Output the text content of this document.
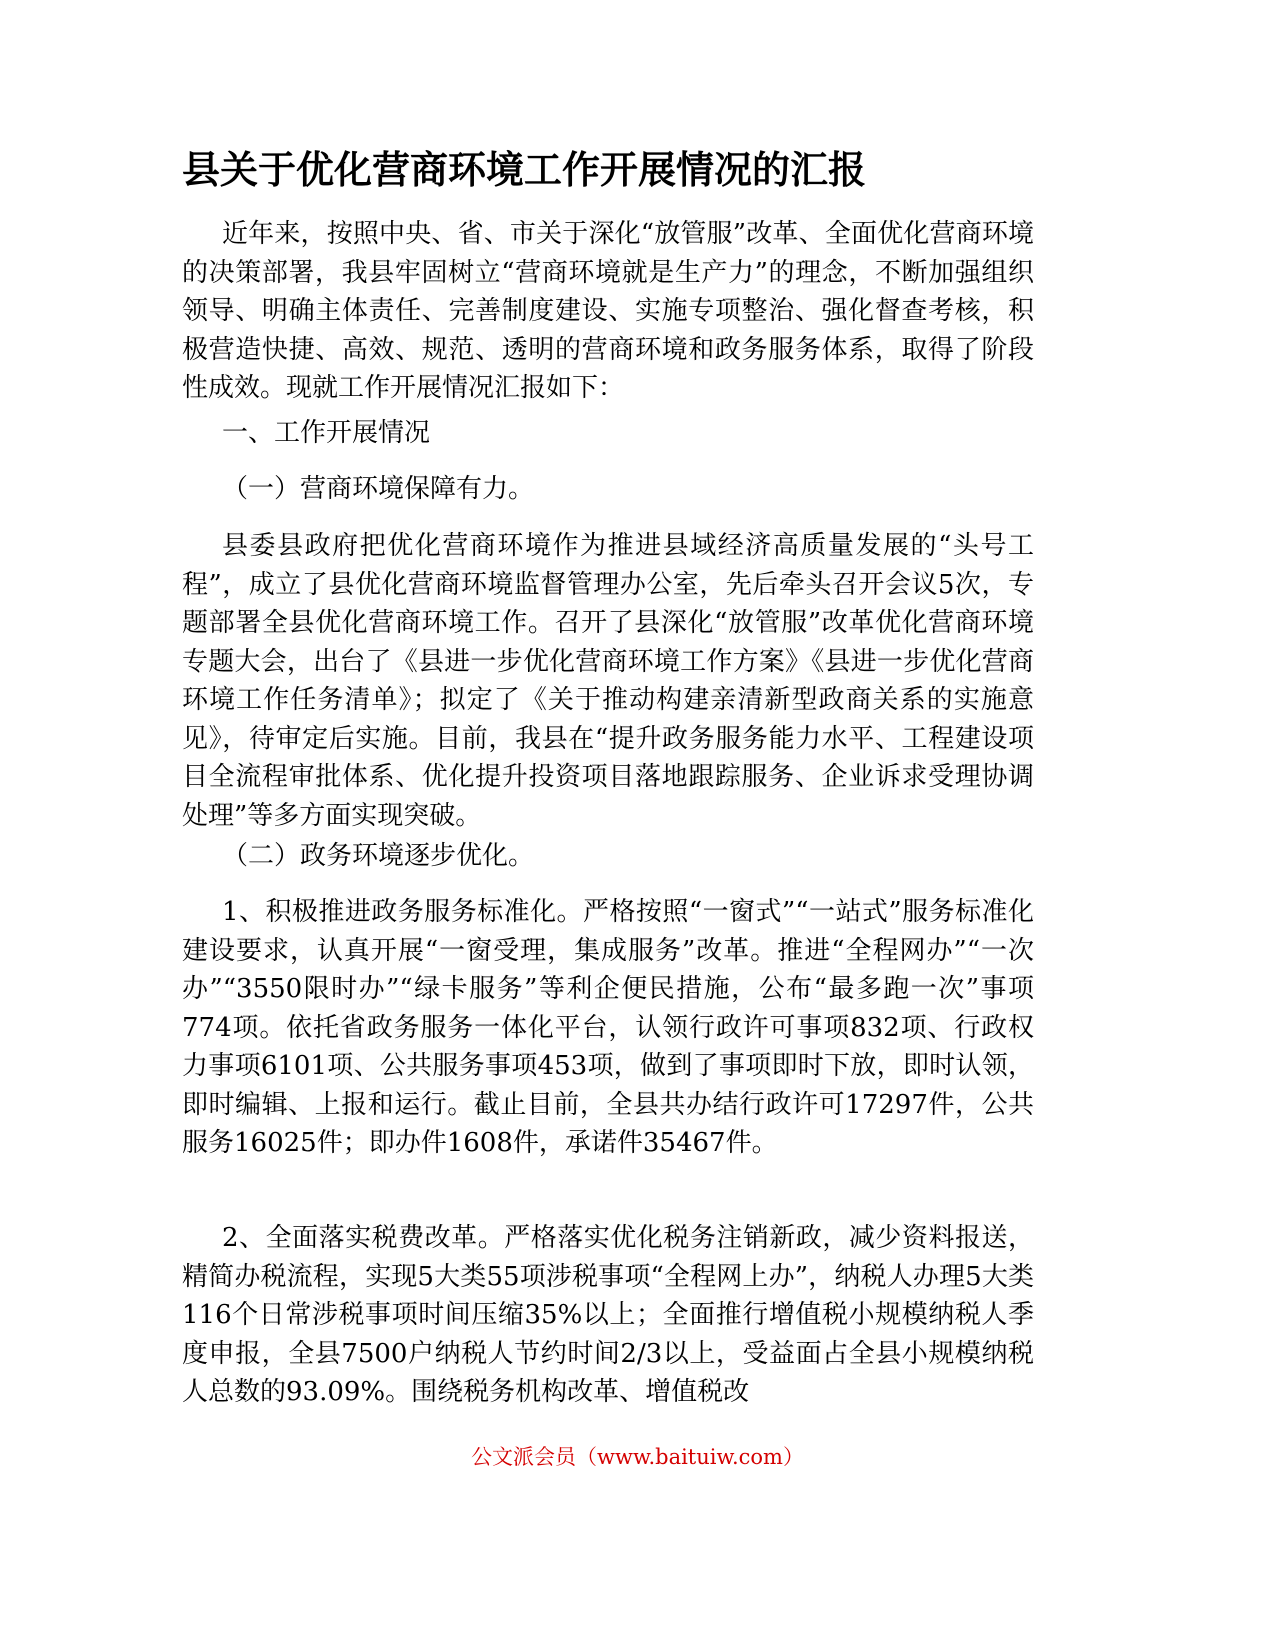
县关于优化营商环境工作开展情况的汇报

近年来，按照中央、省、市关于深化“放管服”改革、全面优化营商环境的决策部署，我县牢固树立“营商环境就是生产力”的理念，不断加强组织领导、明确主体责任、完善制度建设、实施专项整治、强化督查考核，积极营造快捷、高效、规范、透明的营商环境和政务服务体系，取得了阶段性成效。现就工作开展情况汇报如下：

一、工作开展情况

（一）营商环境保障有力。

县委县政府把优化营商环境作为推进县域经济高质量发展的“头号工程”，成立了县优化营商环境监督管理办公室，先后牵头召开会议5次，专题部署全县优化营商环境工作。召开了县深化“放管服”改革优化营商环境专题大会，出台了《县进一步优化营商环境工作方案》《县进一步优化营商环境工作任务清单》；拟定了《关于推动构建亲清新型政商关系的实施意见》，待审定后实施。目前，我县在“提升政务服务能力水平、工程建设项目全流程审批体系、优化提升投资项目落地跟踪服务、企业诉求受理协调处理”等多方面实现突破。

（二）政务环境逐步优化。

1、积极推进政务服务标准化。严格按照“一窗式”“一站式”服务标准化建设要求，认真开展“一窗受理，集成服务”改革。推进“全程网办”“一次办”“3550限时办”“绿卡服务”等利企便民措施，公布“最多跑一次”事项774项。依托省政务服务一体化平台，认领行政许可事项832项、行政权力事项6101项、公共服务事项453项，做到了事项即时下放，即时认领，即时编辑、上报和运行。截止目前，全县共办结行政许可17297件，公共服务16025件；即办件1608件，承诺件35467件。

2、全面落实税费改革。严格落实优化税务注销新政，减少资料报送，精简办税流程，实现5大类55项涉税事项“全程网上办”，纳税人办理5大类116个日常涉税事项时间压缩35%以上；全面推行增值税小规模纳税人季度申报，全县7500户纳税人节约时间2/3以上，受益面占全县小规模纳税人总数的93.09%。围绕税务机构改革、增值税改

公文派会员（www.baituiw.com）
